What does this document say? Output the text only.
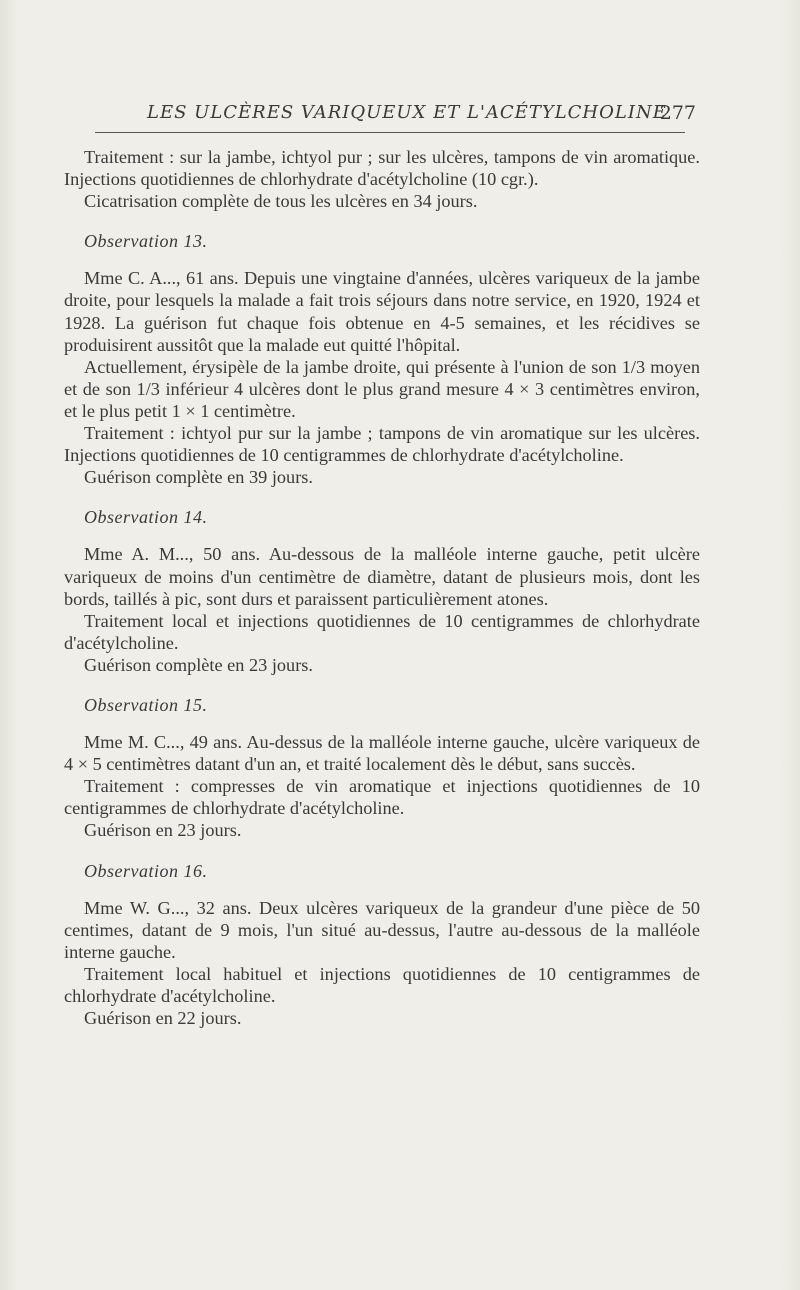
LES ULCÈRES VARIQUEUX ET L'ACÉTYLCHOLINE
277

Traitement : sur la jambe, ichtyol pur ; sur les ulcères, tampons de vin aromatique. Injections quotidiennes de chlorhydrate d'acétylcholine (10 cgr.).

Cicatrisation complète de tous les ulcères en 34 jours.

Observation 13.

Mme C. A..., 61 ans. Depuis une vingtaine d'années, ulcères variqueux de la jambe droite, pour lesquels la malade a fait trois séjours dans notre service, en 1920, 1924 et 1928. La guérison fut chaque fois obtenue en 4-5 semaines, et les récidives se produisirent aussitôt que la malade eut quitté l'hôpital.

Actuellement, érysipèle de la jambe droite, qui présente à l'union de son 1/3 moyen et de son 1/3 inférieur 4 ulcères dont le plus grand mesure 4 × 3 centimètres environ, et le plus petit 1 × 1 centimètre.

Traitement : ichtyol pur sur la jambe ; tampons de vin aromatique sur les ulcères. Injections quotidiennes de 10 centigrammes de chlorhydrate d'acétylcholine.

Guérison complète en 39 jours.

Observation 14.

Mme A. M..., 50 ans. Au-dessous de la malléole interne gauche, petit ulcère variqueux de moins d'un centimètre de diamètre, datant de plusieurs mois, dont les bords, taillés à pic, sont durs et paraissent particulièrement atones.

Traitement local et injections quotidiennes de 10 centigrammes de chlorhydrate d'acétylcholine.

Guérison complète en 23 jours.

Observation 15.

Mme M. C..., 49 ans. Au-dessus de la malléole interne gauche, ulcère variqueux de 4 × 5 centimètres datant d'un an, et traité localement dès le début, sans succès.

Traitement : compresses de vin aromatique et injections quotidiennes de 10 centigrammes de chlorhydrate d'acétylcholine.

Guérison en 23 jours.

Observation 16.

Mme W. G..., 32 ans. Deux ulcères variqueux de la grandeur d'une pièce de 50 centimes, datant de 9 mois, l'un situé au-dessus, l'autre au-dessous de la malléole interne gauche.

Traitement local habituel et injections quotidiennes de 10 centigrammes de chlorhydrate d'acétylcholine.

Guérison en 22 jours.
